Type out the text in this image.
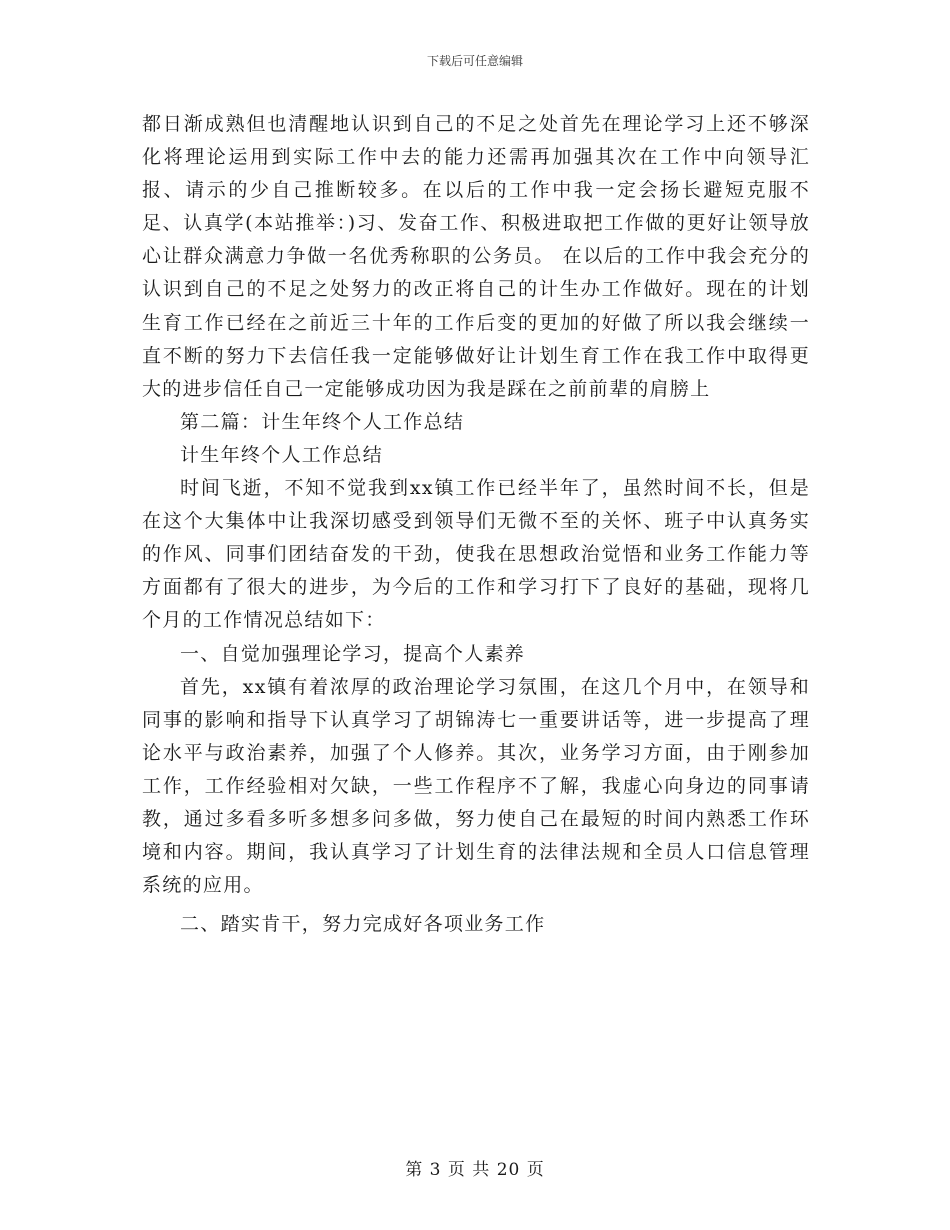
下载后可任意编辑

都日渐成熟但也清醒地认识到自己的不足之处首先在理论学习上还不够深化将理论运用到实际工作中去的能力还需再加强其次在工作中向领导汇报、请示的少自己推断较多。在以后的工作中我一定会扬长避短克服不足、认真学(本站推举：)习、发奋工作、积极进取把工作做的更好让领导放心让群众满意力争做一名优秀称职的公务员。 在以后的工作中我会充分的认识到自己的不足之处努力的改正将自己的计生办工作做好。现在的计划生育工作已经在之前近三十年的工作后变的更加的好做了所以我会继续一直不断的努力下去信任我一定能够做好让计划生育工作在我工作中取得更大的进步信任自己一定能够成功因为我是踩在之前前辈的肩膀上

第二篇：计生年终个人工作总结

计生年终个人工作总结

时间飞逝，不知不觉我到xx镇工作已经半年了，虽然时间不长，但是在这个大集体中让我深切感受到领导们无微不至的关怀、班子中认真务实的作风、同事们团结奋发的干劲，使我在思想政治觉悟和业务工作能力等方面都有了很大的进步，为今后的工作和学习打下了良好的基础，现将几个月的工作情况总结如下：

一、自觉加强理论学习，提高个人素养

首先，xx镇有着浓厚的政治理论学习氛围，在这几个月中，在领导和同事的影响和指导下认真学习了胡锦涛七一重要讲话等，进一步提高了理论水平与政治素养，加强了个人修养。其次，业务学习方面，由于刚参加工作，工作经验相对欠缺，一些工作程序不了解，我虚心向身边的同事请教，通过多看多听多想多问多做，努力使自己在最短的时间内熟悉工作环境和内容。期间，我认真学习了计划生育的法律法规和全员人口信息管理系统的应用。

二、踏实肯干，努力完成好各项业务工作

第 3 页 共 20 页
